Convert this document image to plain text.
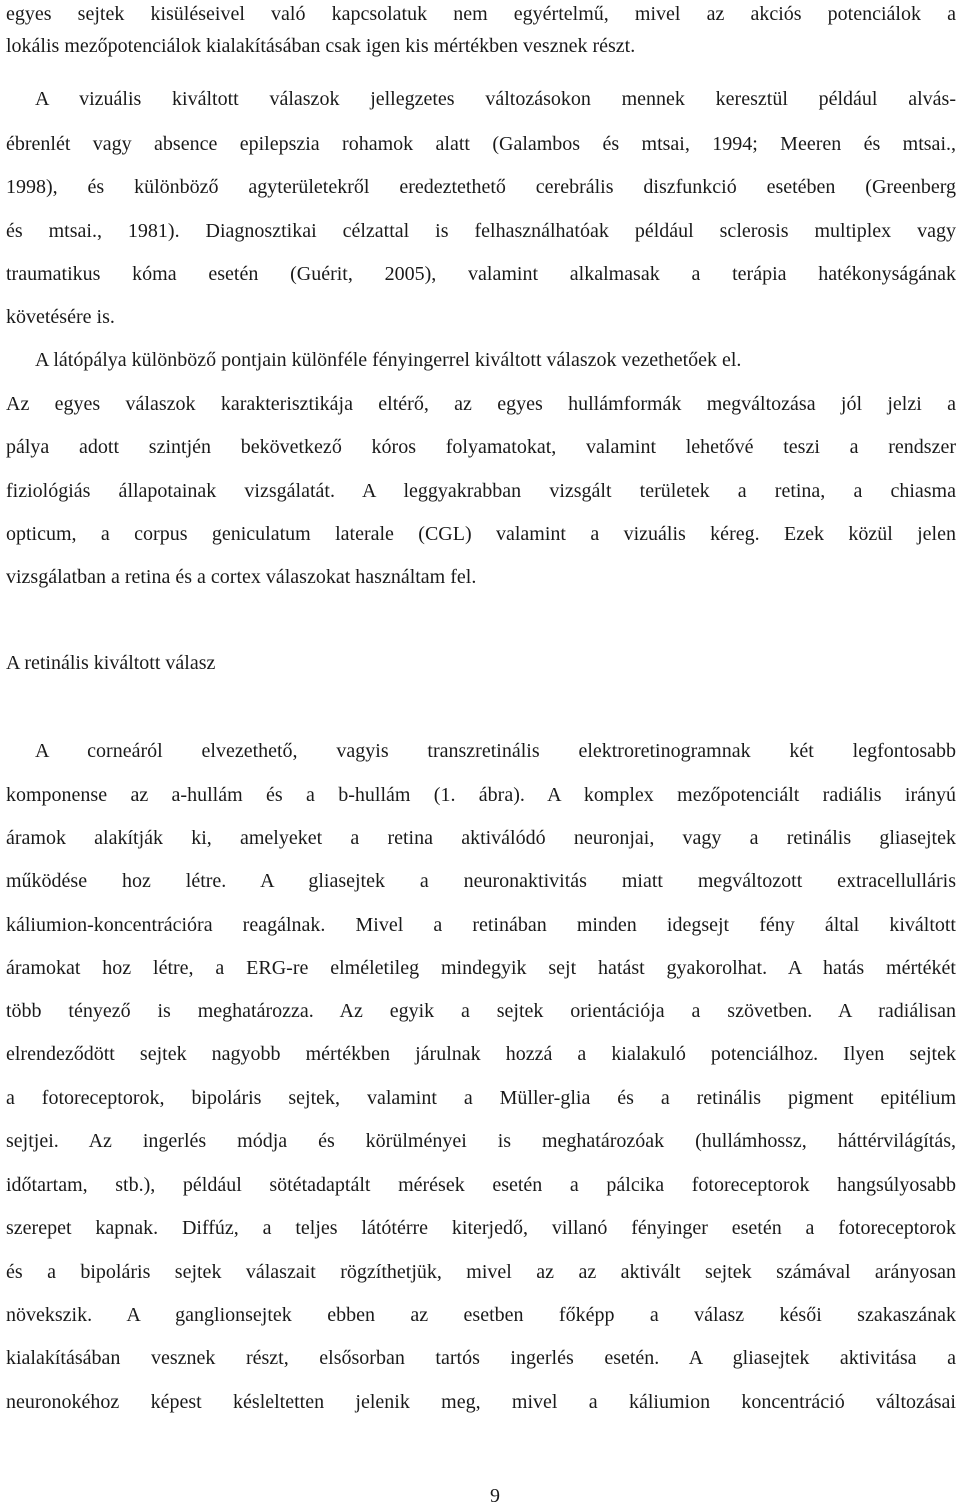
egyes sejtek kisüléseivel való kapcsolatuk nem egyértelmű, mivel az akciós potenciálok a
lokális mezőpotenciálok kialakításában csak igen kis mértékben vesznek részt.
A vizuális kiváltott válaszok jellegzetes változásokon mennek keresztül például alvás-
ébrenlét vagy absence epilepszia rohamok alatt (Galambos és mtsai, 1994; Meeren és mtsai.,
1998), és különböző agyterületekről eredeztethető cerebrális diszfunkció esetében (Greenberg
és mtsai., 1981). Diagnosztikai célzattal is felhasználhatóak például sclerosis multiplex vagy
traumatikus kóma esetén (Guérit, 2005), valamint alkalmasak a terápia hatékonyságának
követésére is.
A látópálya különböző pontjain különféle fényingerrel kiváltott válaszok vezethetőek el.
Az egyes válaszok karakterisztikája eltérő, az egyes hullámformák megváltozása jól jelzi a
pálya adott szintjén bekövetkező kóros folyamatokat, valamint lehetővé teszi a rendszer
fiziológiás állapotainak vizsgálatát. A leggyakrabban vizsgált területek a retina, a chiasma
opticum, a corpus geniculatum laterale (CGL) valamint a vizuális kéreg. Ezek közül jelen
vizsgálatban a retina és a cortex válaszokat használtam fel.
A retinális kiváltott válasz
A corneáról elvezethető, vagyis transzretinális elektroretinogramnak két legfontosabb
komponense az a-hullám és a b-hullám (1. ábra). A komplex mezőpotenciált radiális irányú
áramok alakítják ki, amelyeket a retina aktiválódó neuronjai, vagy a retinális gliasejtek
működése hoz létre. A gliasejtek a neuronaktivitás miatt megváltozott extracellulláris
káliumion-koncentrációra reagálnak. Mivel a retinában minden idegsejt fény által kiváltott
áramokat hoz létre, a ERG-re elméletileg mindegyik sejt hatást gyakorolhat. A hatás mértékét
több tényező is meghatározza. Az egyik a sejtek orientációja a szövetben. A radiálisan
elrendeződött sejtek nagyobb mértékben járulnak hozzá a kialakuló potenciálhoz. Ilyen sejtek
a fotoreceptorok, bipoláris sejtek, valamint a Müller-glia és a retinális pigment epitélium
sejtjei. Az ingerlés módja és körülményei is meghatározóak (hullámhossz, háttérvilágítás,
időtartam, stb.), például sötétadaptált mérések esetén a pálcika fotoreceptorok hangsúlyosabb
szerepet kapnak. Diffúz, a teljes látótérre kiterjedő, villanó fényinger esetén a fotoreceptorok
és a bipoláris sejtek válaszait rögzíthetjük, mivel az az aktivált sejtek számával arányosan
növekszik. A ganglionsejtek ebben az esetben főképp a válasz késői szakaszának
kialakításában vesznek részt, elsősorban tartós ingerlés esetén. A gliasejtek aktivitása a
neuronokéhoz képest késleltetten jelenik meg, mivel a káliumion koncentráció változásai
9
